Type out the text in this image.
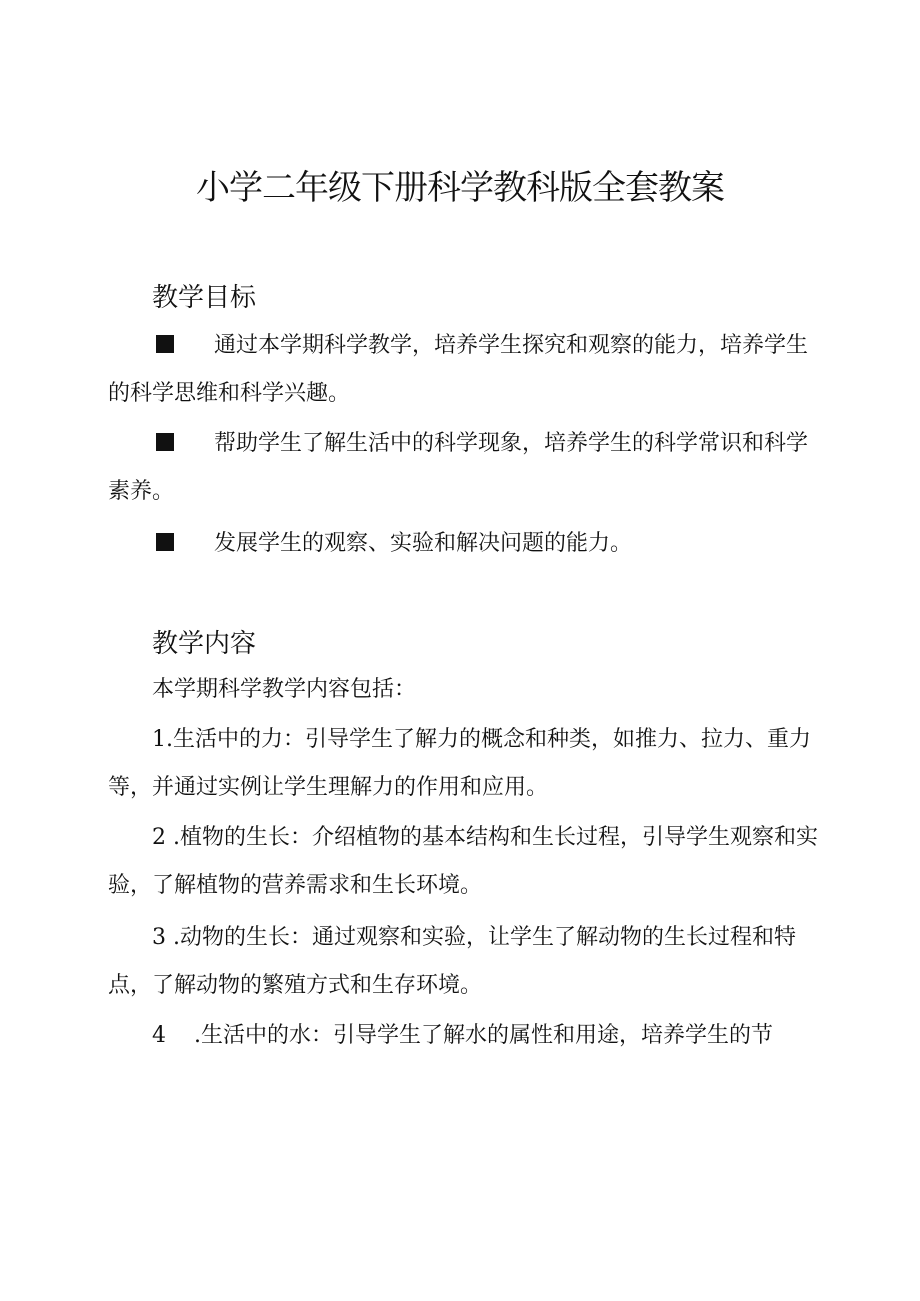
小学二年级下册科学教科版全套教案
教学目标

通过本学期科学教学，培养学生探究和观察的能力，培养学生的科学思维和科学兴趣。

帮助学生了解生活中的科学现象，培养学生的科学常识和科学素养。

发展学生的观察、实验和解决问题的能力。

教学内容

本学期科学教学内容包括：

1.生活中的力：引导学生了解力的概念和种类，如推力、拉力、重力等，并通过实例让学生理解力的作用和应用。

2 .植物的生长：介绍植物的基本结构和生长过程，引导学生观察和实验，了解植物的营养需求和生长环境。

3 .动物的生长：通过观察和实验，让学生了解动物的生长过程和特点，了解动物的繁殖方式和生存环境。

4    .生活中的水：引导学生了解水的属性和用途，培养学生的节
